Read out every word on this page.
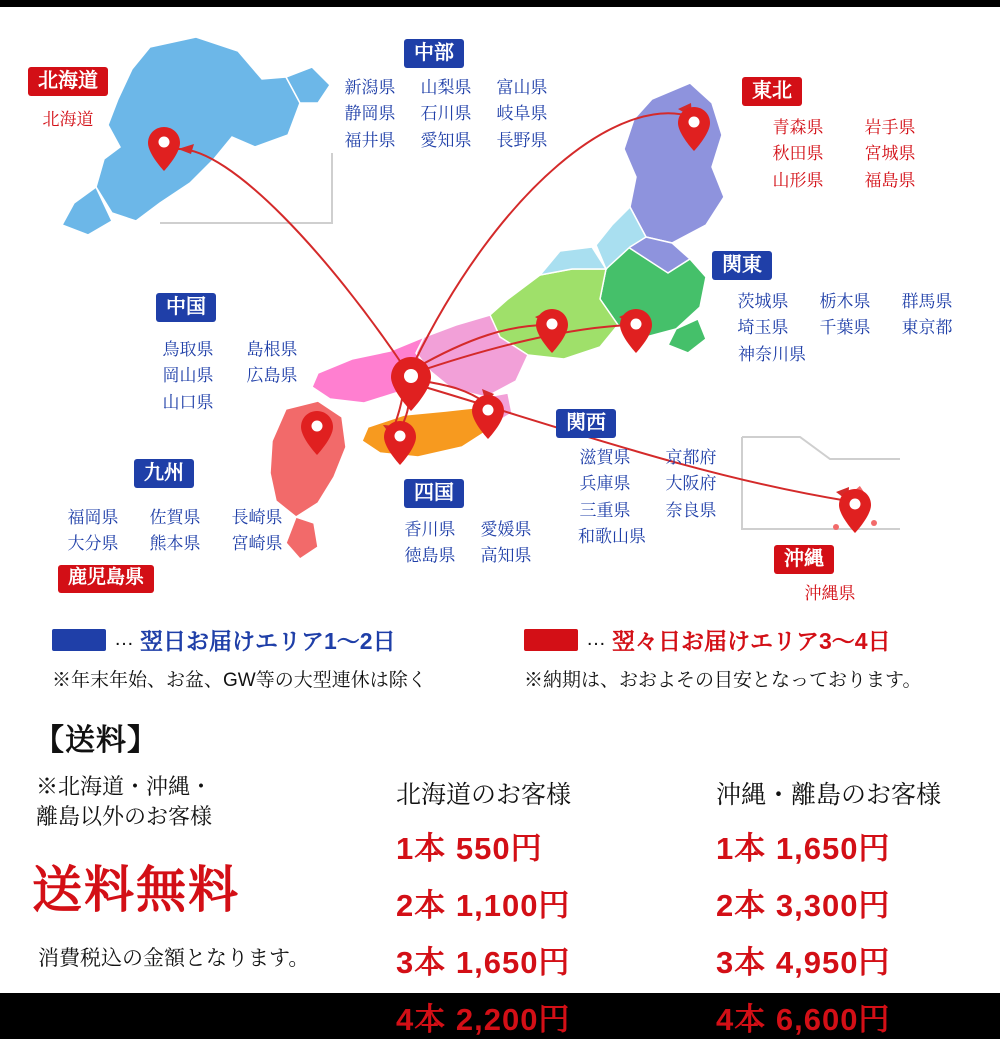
北海道
北海道
中部
新潟県 山梨県 富山県
静岡県 石川県 岐阜県
福井県 愛知県 長野県
東北
青森県 岩手県
秋田県 宮城県
山形県 福島県
関東
茨城県 栃木県 群馬県
埼玉県 千葉県 東京都
神奈川県
中国
鳥取県 島根県
岡山県 広島県
山口県
関西
滋賀県 京都府
兵庫県 大阪府
三重県 奈良県
和歌山県
九州
福岡県 佐賀県 長崎県
大分県 熊本県 宮崎県
鹿児島県
四国
香川県 愛媛県
徳島県 高知県	沖縄
沖縄県
… 翌日お届けエリア1～2日
※年末年始、お盆、GW等の大型連休は除く
… 翌々日お届けエリア3～4日
※納期は、おおよその目安となっております。
【送料】
※北海道・沖縄・
離島以外のお客様
送料無料
消費税込の金額となります。
北海道のお客様
1本 550円
2本 1,100円
3本 1,650円
4本 2,200円
沖縄・離島のお客様
1本 1,650円
2本 3,300円
3本 4,950円
4本 6,600円
